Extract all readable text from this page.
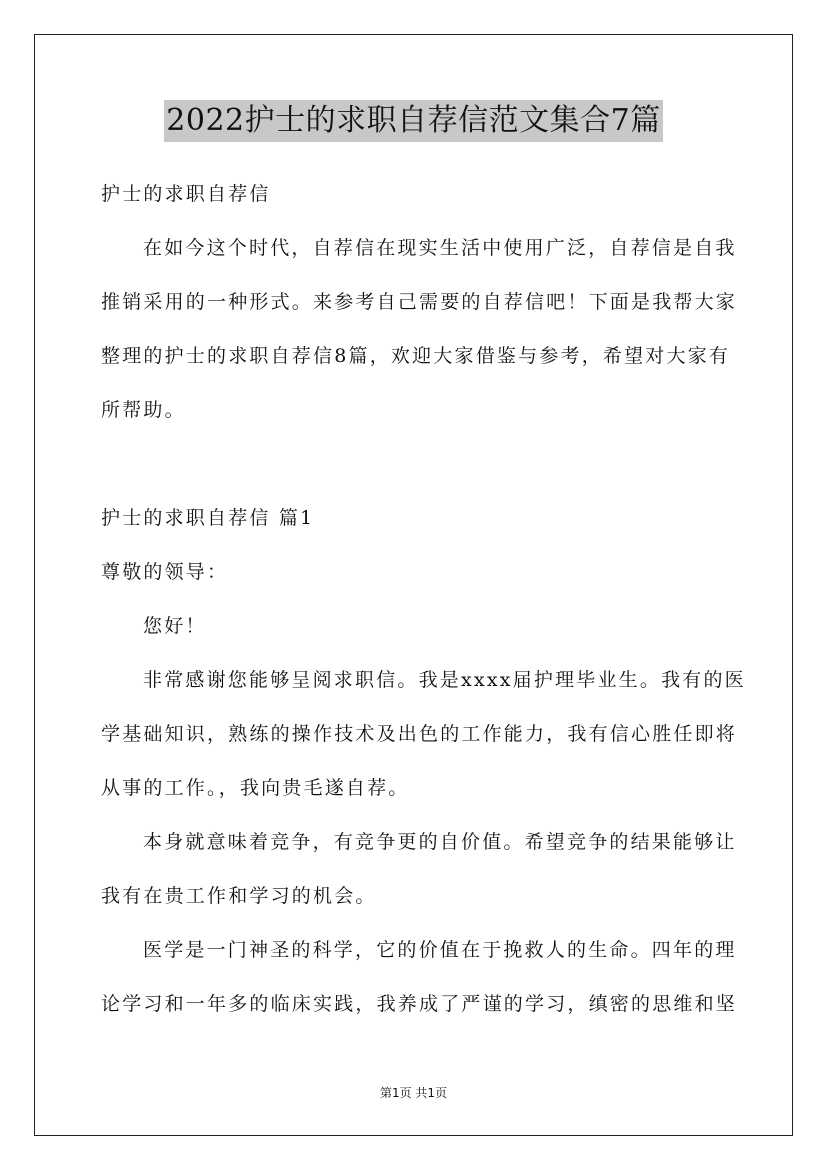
2022护士的求职自荐信范文集合7篇
护士的求职自荐信
在如今这个时代，自荐信在现实生活中使用广泛，自荐信是自我
推销采用的一种形式。来参考自己需要的自荐信吧！下面是我帮大家
整理的护士的求职自荐信8篇，欢迎大家借鉴与参考，希望对大家有
所帮助。
护士的求职自荐信 篇1
尊敬的领导：
您好！
非常感谢您能够呈阅求职信。我是xxxx届护理毕业生。我有的医
学基础知识，熟练的操作技术及出色的工作能力，我有信心胜任即将
从事的工作。，我向贵毛遂自荐。
本身就意味着竞争，有竞争更的自价值。希望竞争的结果能够让
我有在贵工作和学习的机会。
医学是一门神圣的科学，它的价值在于挽救人的生命。四年的理
论学习和一年多的临床实践，我养成了严谨的学习，缜密的思维和坚
第1页 共1页
